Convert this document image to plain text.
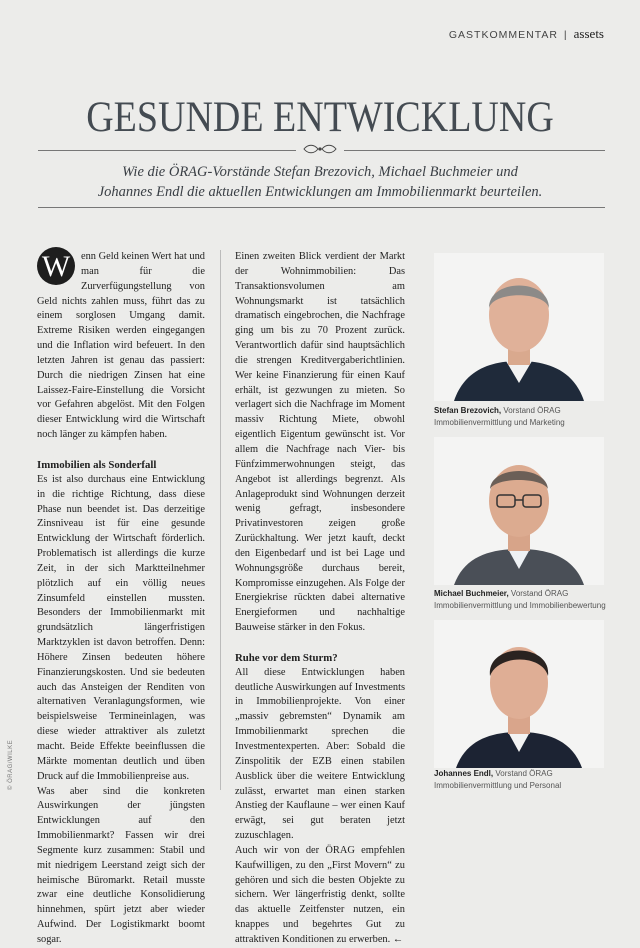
GASTKOMMENTAR | assets
GESUNDE ENTWICKLUNG
Wie die ÖRAG-Vorstände Stefan Brezovich, Michael Buchmeier und
Johannes Endl die aktuellen Entwicklungen am Immobilienmarkt beurteilen.
W	enn Geld keinen Wert hat und man für die Zurverfügungstellung von Geld nichts zahlen muss, führt das zu einem sorglosen Umgang damit. Extreme Risiken werden eingegangen und die Inflation wird befeuert. In den letzten Jahren ist genau das passiert: Durch die niedrigen Zinsen hat eine Laissez-Faire-Einstellung die Vorsicht vor Gefahren abgelöst. Mit den Folgen dieser Entwicklung wird die Wirtschaft noch länger zu kämpfen haben.

Immobilien als Sonderfall

Es ist also durchaus eine Entwicklung in die richtige Richtung, dass diese Phase nun beendet ist. Das derzeitige Zinsniveau ist für eine gesunde Entwicklung der Wirtschaft förderlich. Problematisch ist allerdings die kurze Zeit, in der sich Marktteilnehmer plötzlich auf ein völlig neues Zinsumfeld einstellen mussten. Besonders der Immobilienmarkt mit grundsätzlich längerfristigen Marktzyklen ist davon betroffen. Denn: Höhere Zinsen bedeuten höhere Finanzierungskosten. Und sie bedeuten auch das Ansteigen der Renditen von alternativen Veranlagungsformen, wie beispielsweise Termineinlagen, was diese wieder attraktiver als zuletzt macht. Beide Effekte beeinflussen die Märkte momentan deutlich und üben Druck auf die Immobilienpreise aus.

Was aber sind die konkreten Auswirkungen der jüngsten Entwicklungen auf den Immobilienmarkt? Fassen wir drei Segmente kurz zusammen: Stabil und mit niedrigem Leerstand zeigt sich der heimische Büromarkt. Retail musste zwar eine deutliche Konsolidierung hinnehmen, spürt jetzt aber wieder Aufwind. Der Logistikmarkt boomt sogar.

Einen zweiten Blick verdient der Markt der Wohnimmobilien: Das Transaktionsvolumen am Wohnungsmarkt ist tatsächlich dramatisch eingebrochen, die Nachfrage ging um bis zu 70 Prozent zurück. Verantwortlich dafür sind hauptsächlich die strengen Kreditvergaberichtlinien. Wer keine Finanzierung für einen Kauf erhält, ist gezwungen zu mieten. So verlagert sich die Nachfrage im Moment massiv Richtung Miete, obwohl eigentlich Eigentum gewünscht ist. Vor allem die Nachfrage nach Vier- bis Fünfzimmerwohnungen steigt, das Angebot ist allerdings begrenzt. Als Anlageprodukt sind Wohnungen derzeit wenig gefragt, insbesondere Privatinvestoren zeigen große Zurückhaltung. Wer jetzt kauft, deckt den Eigenbedarf und ist bei Lage und Wohnungsgröße durchaus bereit, Kompromisse einzugehen. Als Folge der Energiekrise rückten dabei alternative Energieformen und nachhaltige Bauweise stärker in den Fokus.

Ruhe vor dem Sturm?

All diese Entwicklungen haben deutliche Auswirkungen auf Investments in Immobilienprojekte. Von einer „massiv gebremsten“ Dynamik am Immobilienmarkt sprechen die Investmentexperten. Aber: Sobald die Zinspolitik der EZB einen stabilen Ausblick über die weitere Entwicklung zulässt, erwartet man einen starken Anstieg der Kauflaune – wer einen Kauf erwägt, sei gut beraten jetzt zuzuschlagen.

Auch wir von der ÖRAG empfehlen Kaufwilligen, zu den „First Movern“ zu gehören und sich die besten Objekte zu sichern. Wer längerfristig denkt, sollte das aktuelle Zeitfenster nutzen, ein knappes und begehrtes Gut zu attraktiven Konditionen zu erwerben. ←

Stefan Brezovich, Vorstand ÖRAG
Immobilienvermittlung und Marketing
Michael Buchmeier, Vorstand ÖRAG
Immobilienvermittlung und Immobilienbewertung
Johannes Endl, Vorstand ÖRAG
Immobilienvermittlung und Personal
© ÖRAG/WILKE
